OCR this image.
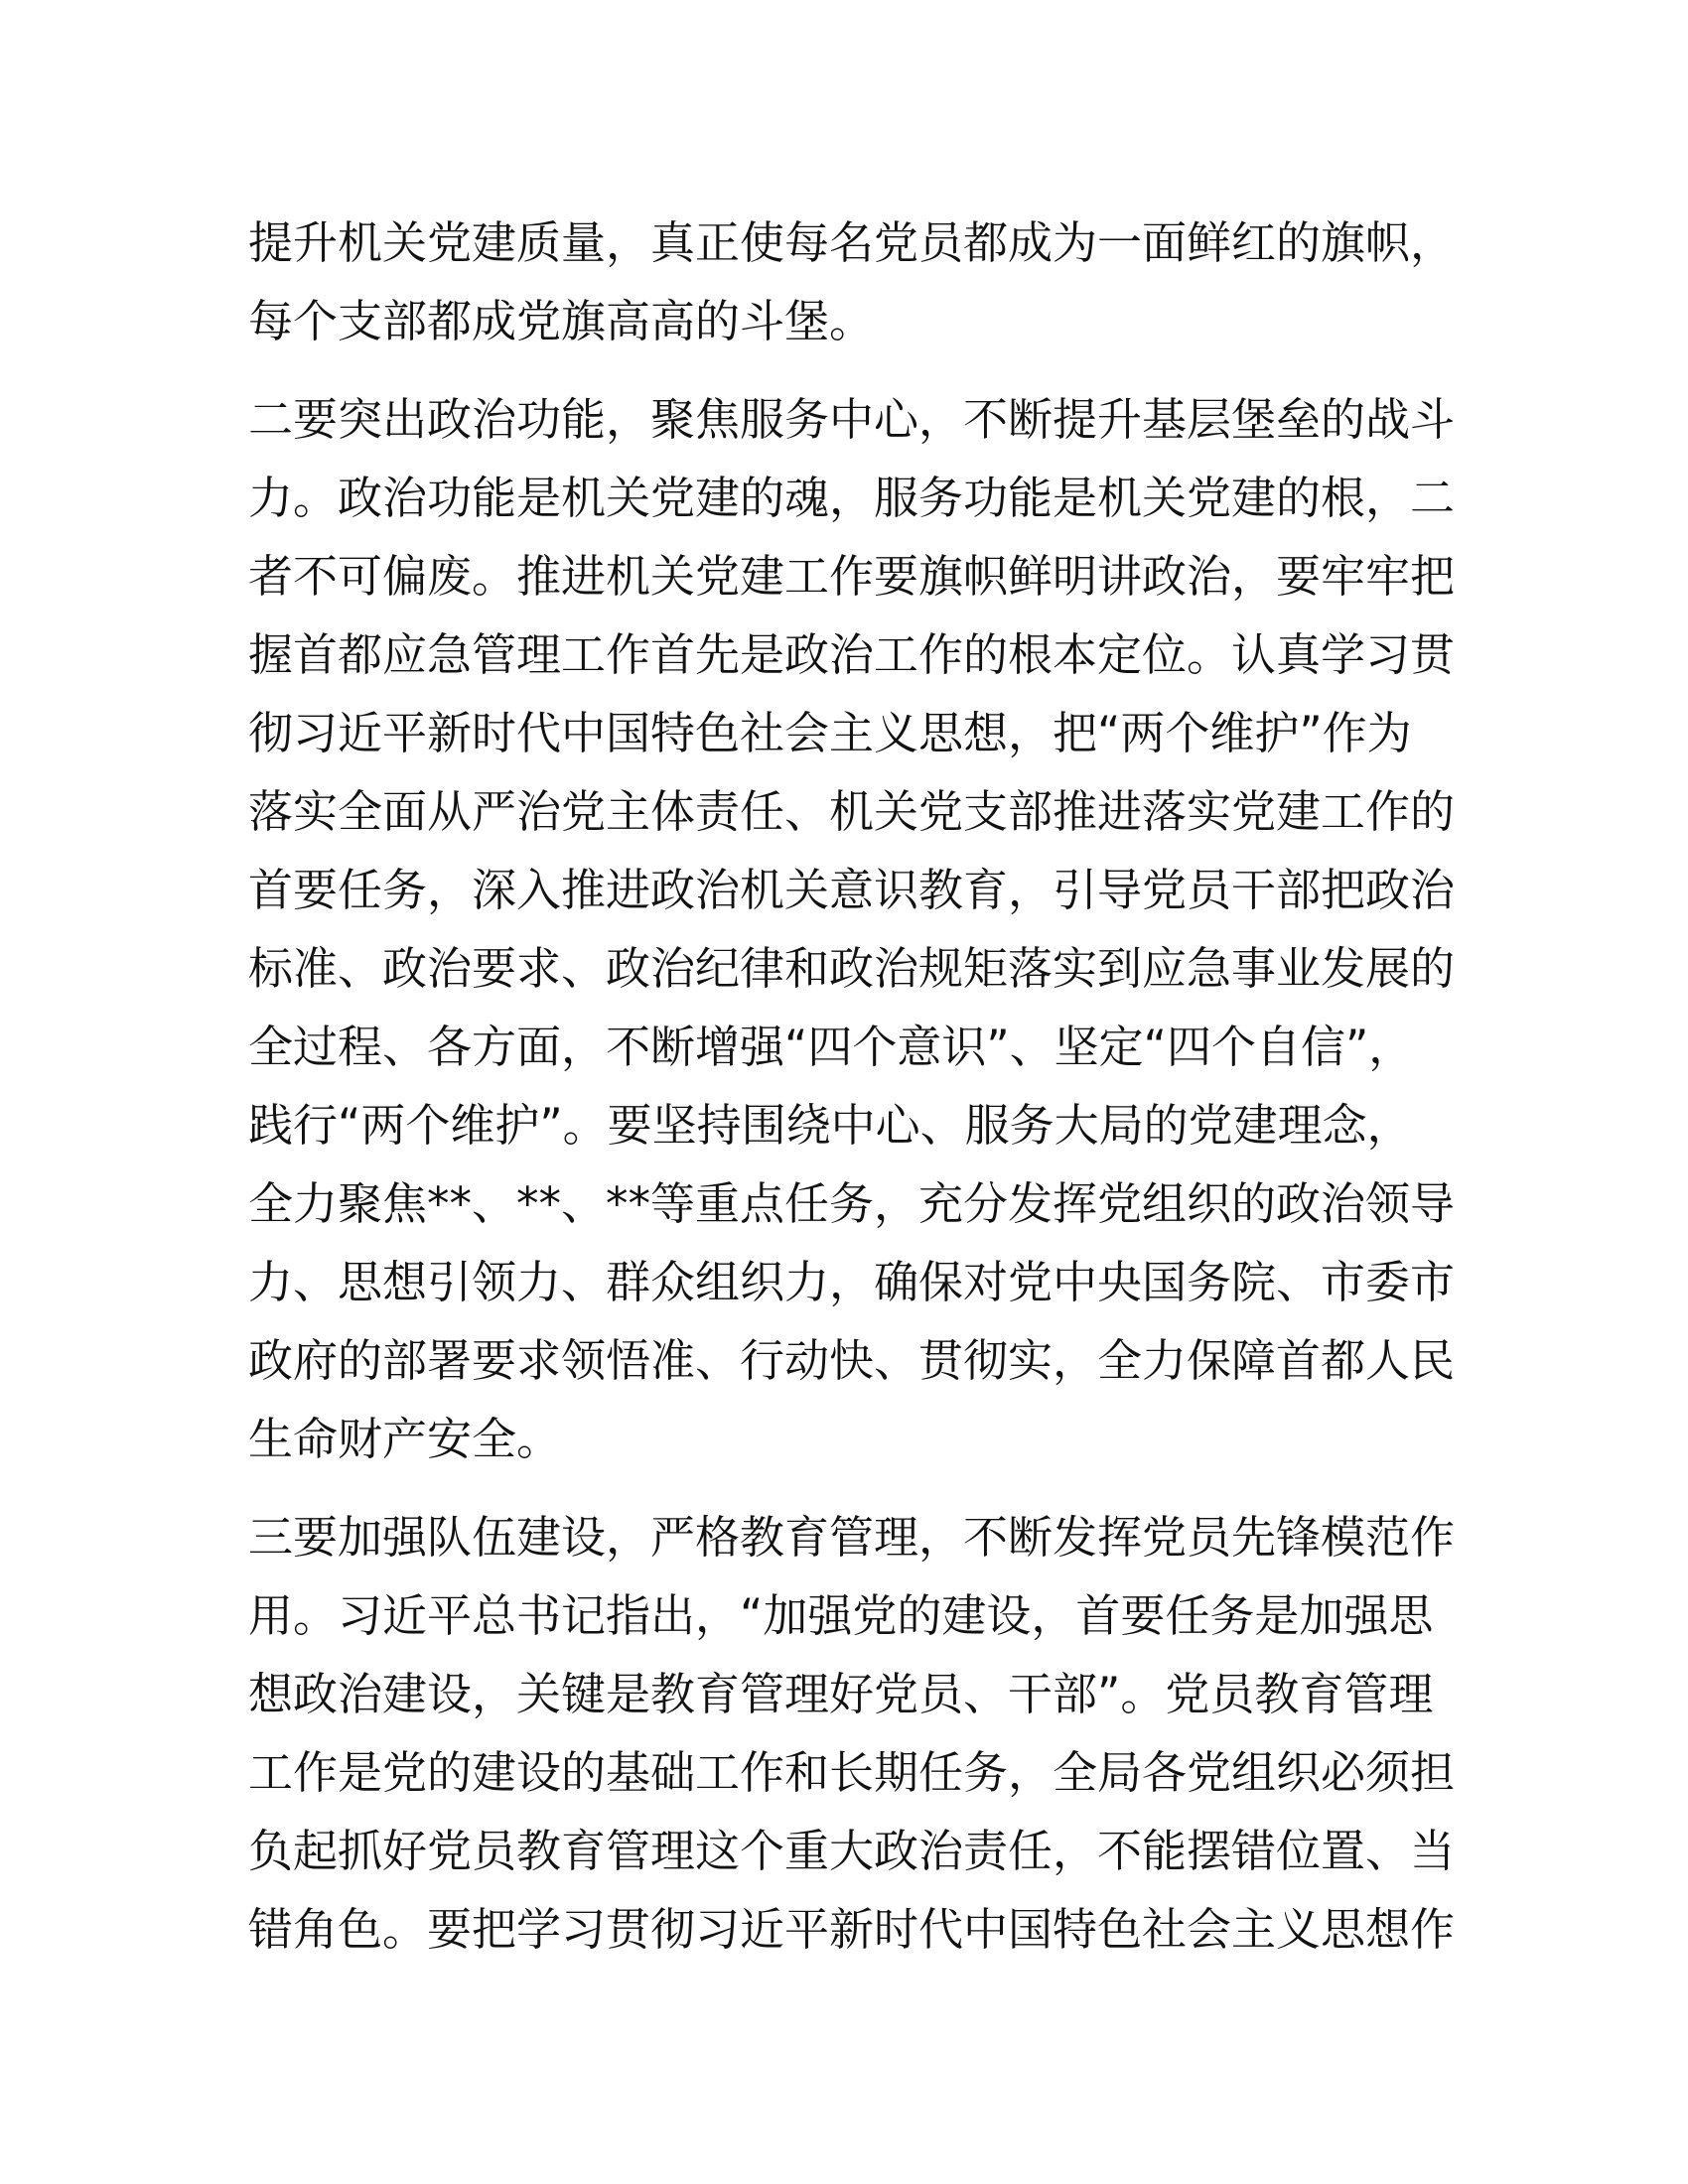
提升机关党建质量，真正使每名党员都成为一面鲜红的旗帜，
每个支部都成党旗高高的斗堡。

二要突出政治功能，聚焦服务中心，不断提升基层堡垒的战斗
力。政治功能是机关党建的魂，服务功能是机关党建的根，二
者不可偏废。推进机关党建工作要旗帜鲜明讲政治，要牢牢把
握首都应急管理工作首先是政治工作的根本定位。认真学习贯
彻习近平新时代中国特色社会主义思想，把“两个维护”作为
落实全面从严治党主体责任、机关党支部推进落实党建工作的
首要任务，深入推进政治机关意识教育，引导党员干部把政治
标准、政治要求、政治纪律和政治规矩落实到应急事业发展的
全过程、各方面，不断增强“四个意识”、坚定“四个自信”，
践行“两个维护”。要坚持围绕中心、服务大局的党建理念，
全力聚焦**、**、**等重点任务，充分发挥党组织的政治领导
力、思想引领力、群众组织力，确保对党中央国务院、市委市
政府的部署要求领悟准、行动快、贯彻实，全力保障首都人民
生命财产安全。

三要加强队伍建设，严格教育管理，不断发挥党员先锋模范作
用。习近平总书记指出，“加强党的建设，首要任务是加强思
想政治建设，关键是教育管理好党员、干部”。党员教育管理
工作是党的建设的基础工作和长期任务，全局各党组织必须担
负起抓好党员教育管理这个重大政治责任，不能摆错位置、当
错角色。要把学习贯彻习近平新时代中国特色社会主义思想作
